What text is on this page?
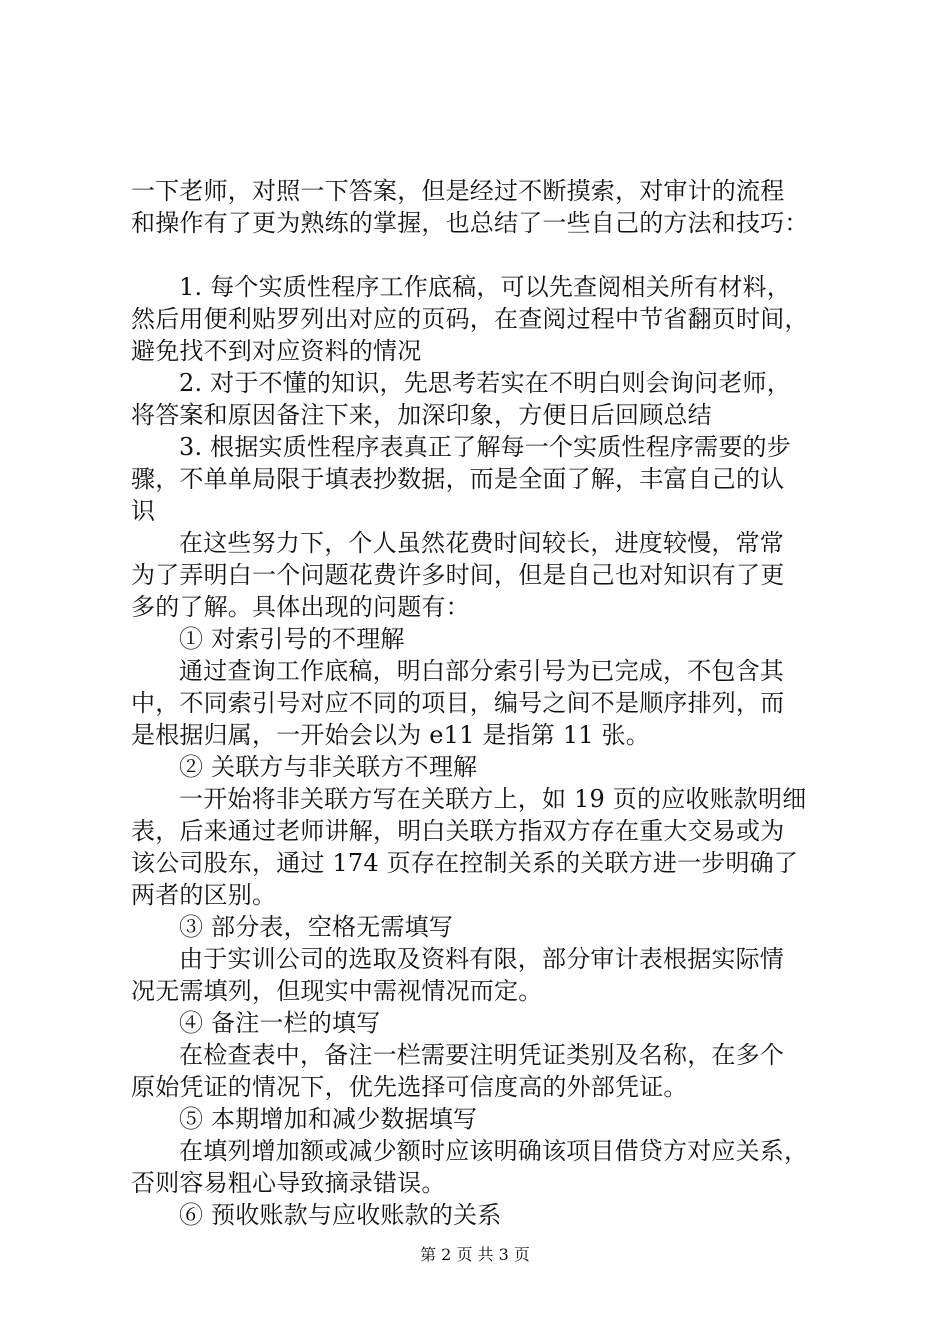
一下老师，对照一下答案，但是经过不断摸索，对审计的流程
和操作有了更为熟练的掌握，也总结了一些自己的方法和技巧：
1. 每个实质性程序工作底稿，可以先查阅相关所有材料，
然后用便利贴罗列出对应的页码，在查阅过程中节省翻页时间，
避免找不到对应资料的情况
2. 对于不懂的知识，先思考若实在不明白则会询问老师，
将答案和原因备注下来，加深印象，方便日后回顾总结
3. 根据实质性程序表真正了解每一个实质性程序需要的步
骤，不单单局限于填表抄数据，而是全面了解，丰富自己的认
识
在这些努力下，个人虽然花费时间较长，进度较慢，常常
为了弄明白一个问题花费许多时间，但是自己也对知识有了更
多的了解。具体出现的问题有：
① 对索引号的不理解
通过查询工作底稿，明白部分索引号为已完成，不包含其
中，不同索引号对应不同的项目，编号之间不是顺序排列，而
是根据归属，一开始会以为 e11 是指第 11 张。
② 关联方与非关联方不理解
一开始将非关联方写在关联方上，如 19 页的应收账款明细
表，后来通过老师讲解，明白关联方指双方存在重大交易或为
该公司股东，通过 174 页存在控制关系的关联方进一步明确了
两者的区别。
③ 部分表，空格无需填写
由于实训公司的选取及资料有限，部分审计表根据实际情
况无需填列，但现实中需视情况而定。
④ 备注一栏的填写
在检查表中，备注一栏需要注明凭证类别及名称，在多个
原始凭证的情况下，优先选择可信度高的外部凭证。
⑤ 本期增加和减少数据填写
在填列增加额或减少额时应该明确该项目借贷方对应关系，
否则容易粗心导致摘录错误。
⑥ 预收账款与应收账款的关系
第 2 页 共 3 页
